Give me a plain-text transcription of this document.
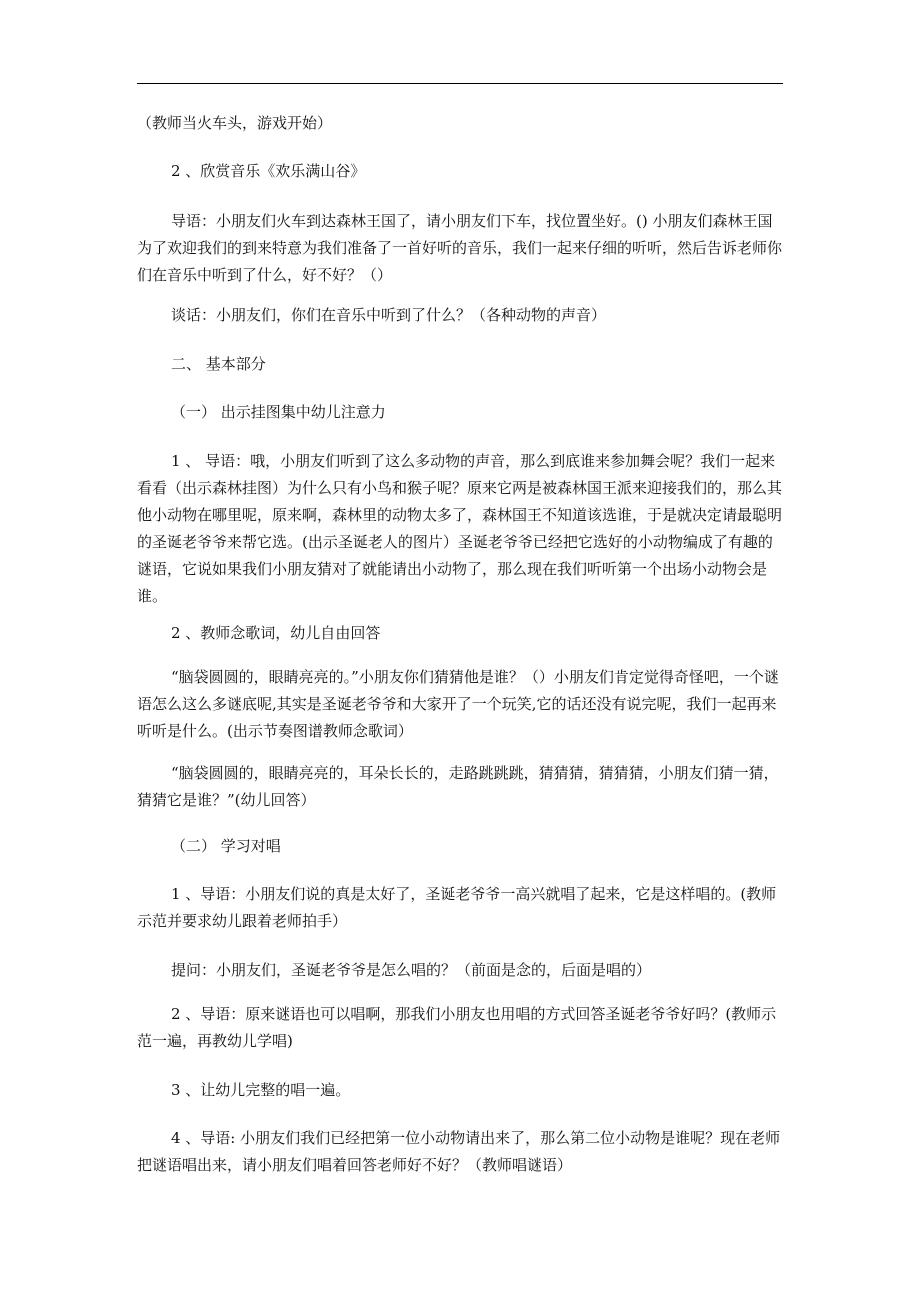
（教师当火车头，游戏开始）

2 、欣赏音乐《欢乐满山谷》

导语：小朋友们火车到达森林王国了，请小朋友们下车，找位置坐好。() 小朋友们森林王国为了欢迎我们的到来特意为我们准备了一首好听的音乐，我们一起来仔细的听听，然后告诉老师你们在音乐中听到了什么，好不好？（）

谈话：小朋友们，你们在音乐中听到了什么？（各种动物的声音）

二、 基本部分

（一） 出示挂图集中幼儿注意力

1 、 导语：哦，小朋友们听到了这么多动物的声音，那么到底谁来参加舞会呢？我们一起来看看（出示森林挂图）为什么只有小鸟和猴子呢？原来它两是被森林国王派来迎接我们的，那么其他小动物在哪里呢，原来啊，森林里的动物太多了，森林国王不知道该选谁，于是就决定请最聪明的圣诞老爷爷来帮它选。(出示圣诞老人的图片）圣诞老爷爷已经把它选好的小动物编成了有趣的谜语，它说如果我们小朋友猜对了就能请出小动物了，那么现在我们听听第一个出场小动物会是谁。

2 、教师念歌词，幼儿自由回答

“脑袋圆圆的，眼睛亮亮的。”小朋友你们猜猜他是谁？（）小朋友们肯定觉得奇怪吧，一个谜语怎么这么多谜底呢,其实是圣诞老爷爷和大家开了一个玩笑,它的话还没有说完呢，我们一起再来听听是什么。(出示节奏图谱教师念歌词）

“脑袋圆圆的，眼睛亮亮的，耳朵长长的，走路跳跳跳，猜猜猜，猜猜猜，小朋友们猜一猜，猜猜它是谁？”(幼儿回答）

（二） 学习对唱

1 、导语：小朋友们说的真是太好了，圣诞老爷爷一高兴就唱了起来，它是这样唱的。(教师示范并要求幼儿跟着老师拍手）

提问：小朋友们，圣诞老爷爷是怎么唱的？（前面是念的，后面是唱的）

2 、导语：原来谜语也可以唱啊，那我们小朋友也用唱的方式回答圣诞老爷爷好吗？(教师示范一遍，再教幼儿学唱)

3 、让幼儿完整的唱一遍。

4 、导语: 小朋友们我们已经把第一位小动物请出来了，那么第二位小动物是谁呢？现在老师把谜语唱出来，请小朋友们唱着回答老师好不好？（教师唱谜语）
